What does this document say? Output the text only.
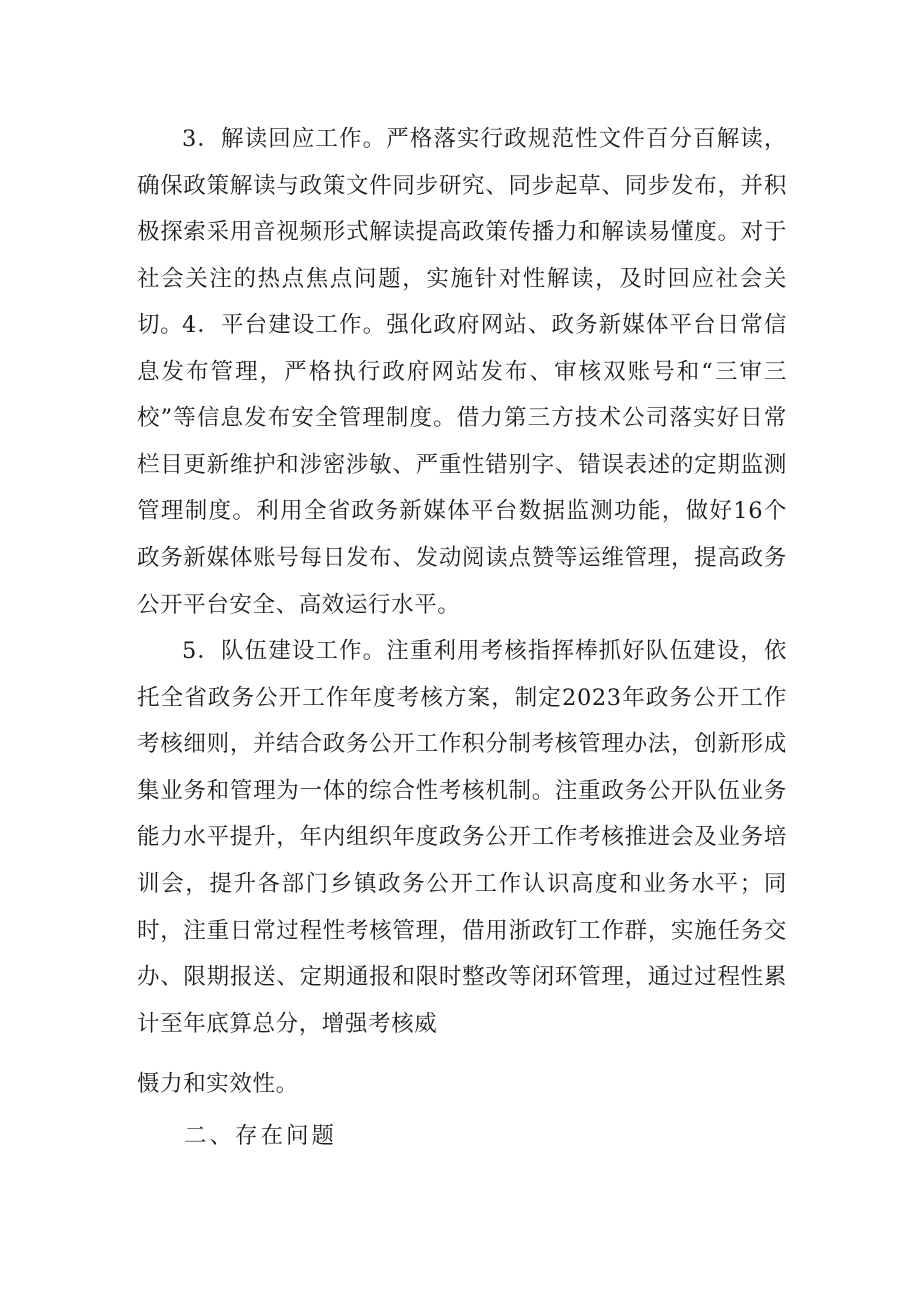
3．解读回应工作。严格落实行政规范性文件百分百解读，确保政策解读与政策文件同步研究、同步起草、同步发布，并积极探索采用音视频形式解读提高政策传播力和解读易懂度。对于社会关注的热点焦点问题，实施针对性解读，及时回应社会关切。

4．平台建设工作。强化政府网站、政务新媒体平台日常信息发布管理，严格执行政府网站发布、审核双账号和“三审三校”等信息发布安全管理制度。借力第三方技术公司落实好日常栏目更新维护和涉密涉敏、严重性错别字、错误表述的定期监测管理制度。利用全省政务新媒体平台数据监测功能，做好16个政务新媒体账号每日发布、发动阅读点赞等运维管理，提高政务公开平台安全、高效运行水平。

5．队伍建设工作。注重利用考核指挥棒抓好队伍建设，依托全省政务公开工作年度考核方案，制定2023年政务公开工作考核细则，并结合政务公开工作积分制考核管理办法，创新形成集业务和管理为一体的综合性考核机制。注重政务公开队伍业务能力水平提升，年内组织年度政务公开工作考核推进会及业务培训会，提升各部门乡镇政务公开工作认识高度和业务水平；同时，注重日常过程性考核管理，借用浙政钉工作群，实施任务交办、限期报送、定期通报和限时整改等闭环管理，通过过程性累计至年底算总分，增强考核威

慑力和实效性。

二、存在问题
